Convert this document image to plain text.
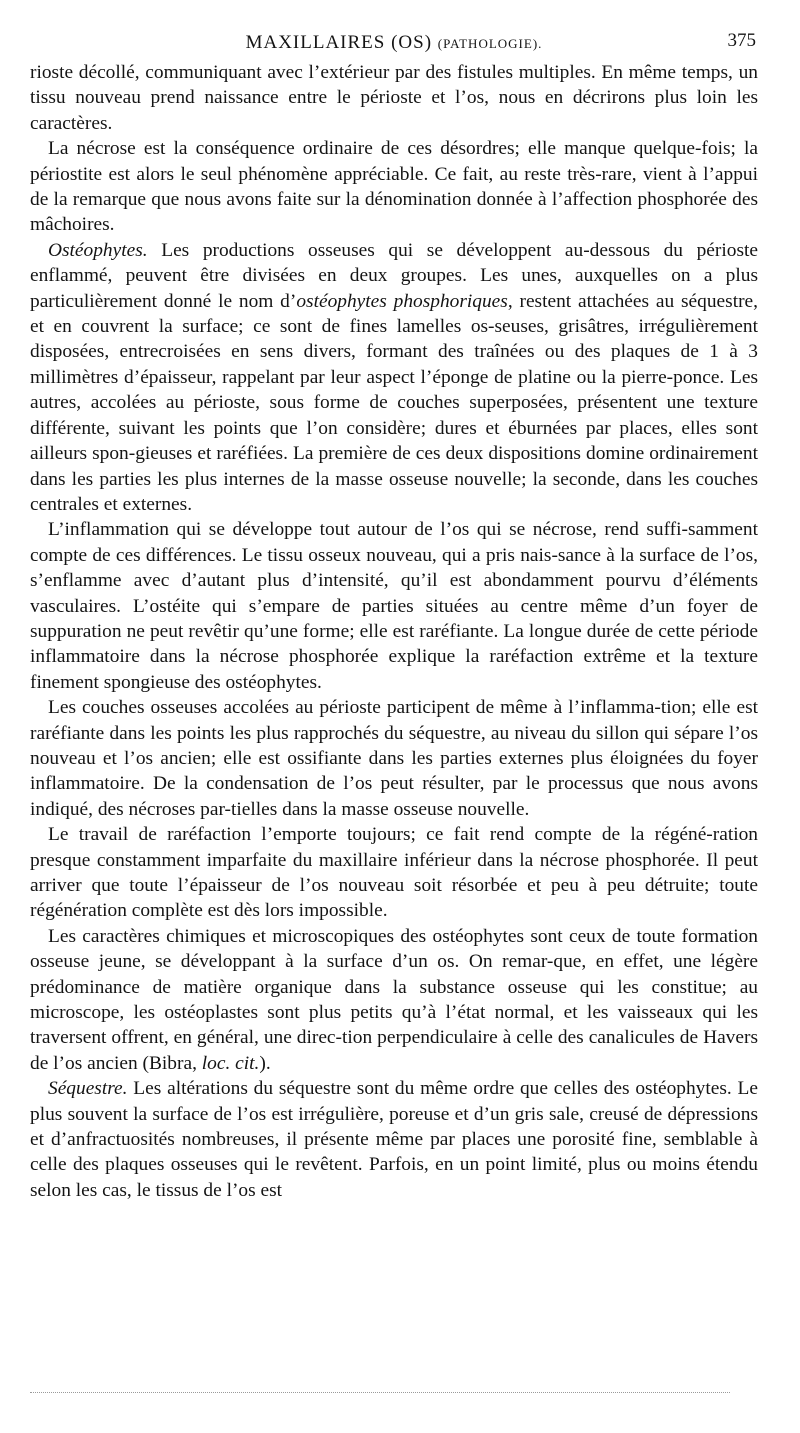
MAXILLAIRES (OS) (PATHOLOGIE).	375

rioste décollé, communiquant avec l’extérieur par des fistules multiples. En même temps, un tissu nouveau prend naissance entre le périoste et l’os, nous en décrirons plus loin les caractères.

La nécrose est la conséquence ordinaire de ces désordres; elle manque quelque-fois; la périostite est alors le seul phénomène appréciable. Ce fait, au reste très-rare, vient à l’appui de la remarque que nous avons faite sur la dénomination donnée à l’affection phosphorée des mâchoires.

Ostéophytes. Les productions osseuses qui se développent au-dessous du périoste enflammé, peuvent être divisées en deux groupes. Les unes, auxquelles on a plus particulièrement donné le nom d’ostéophytes phosphoriques, restent attachées au séquestre, et en couvrent la surface; ce sont de fines lamelles os-seuses, grisâtres, irrégulièrement disposées, entrecroisées en sens divers, formant des traînées ou des plaques de 1 à 3 millimètres d’épaisseur, rappelant par leur aspect l’éponge de platine ou la pierre-ponce. Les autres, accolées au périoste, sous forme de couches superposées, présentent une texture différente, suivant les points que l’on considère; dures et éburnées par places, elles sont ailleurs spon-gieuses et raréfiées. La première de ces deux dispositions domine ordinairement dans les parties les plus internes de la masse osseuse nouvelle; la seconde, dans les couches centrales et externes.

L’inflammation qui se développe tout autour de l’os qui se nécrose, rend suffi-samment compte de ces différences. Le tissu osseux nouveau, qui a pris nais-sance à la surface de l’os, s’enflamme avec d’autant plus d’intensité, qu’il est abondamment pourvu d’éléments vasculaires. L’ostéite qui s’empare de parties situées au centre même d’un foyer de suppuration ne peut revêtir qu’une forme; elle est raréfiante. La longue durée de cette période inflammatoire dans la nécrose phosphorée explique la raréfaction extrême et la texture finement spongieuse des ostéophytes.

Les couches osseuses accolées au périoste participent de même à l’inflamma-tion; elle est raréfiante dans les points les plus rapprochés du séquestre, au niveau du sillon qui sépare l’os nouveau et l’os ancien; elle est ossifiante dans les parties externes plus éloignées du foyer inflammatoire. De la condensation de l’os peut résulter, par le processus que nous avons indiqué, des nécroses par-tielles dans la masse osseuse nouvelle.

Le travail de raréfaction l’emporte toujours; ce fait rend compte de la régéné-ration presque constamment imparfaite du maxillaire inférieur dans la nécrose phosphorée. Il peut arriver que toute l’épaisseur de l’os nouveau soit résorbée et peu à peu détruite; toute régénération complète est dès lors impossible.

Les caractères chimiques et microscopiques des ostéophytes sont ceux de toute formation osseuse jeune, se développant à la surface d’un os. On remar-que, en effet, une légère prédominance de matière organique dans la substance osseuse qui les constitue; au microscope, les ostéoplastes sont plus petits qu’à l’état normal, et les vaisseaux qui les traversent offrent, en général, une direc-tion perpendiculaire à celle des canalicules de Havers de l’os ancien (Bibra, loc. cit.).

Séquestre. Les altérations du séquestre sont du même ordre que celles des ostéophytes. Le plus souvent la surface de l’os est irrégulière, poreuse et d’un gris sale, creusé de dépressions et d’anfractuosités nombreuses, il présente même par places une porosité fine, semblable à celle des plaques osseuses qui le revêtent. Parfois, en un point limité, plus ou moins étendu selon les cas, le tissus de l’os est
